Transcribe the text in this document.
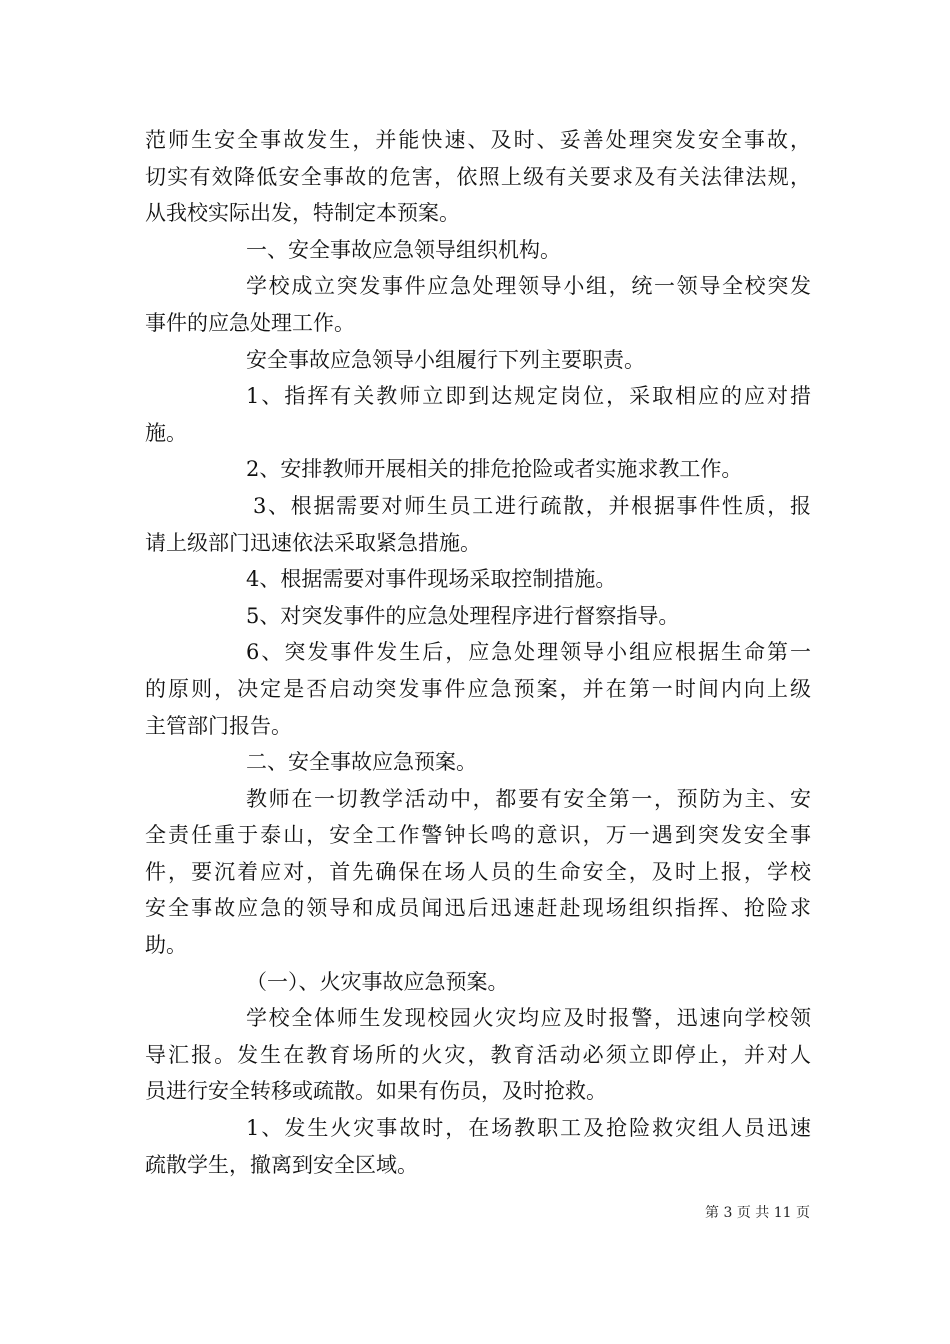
范师生安全事故发生，并能快速、及时、妥善处理突发安全事故，
切实有效降低安全事故的危害，依照上级有关要求及有关法律法规，
从我校实际出发，特制定本预案。
一、安全事故应急领导组织机构。
学校成立突发事件应急处理领导小组，统一领导全校突发
事件的应急处理工作。
安全事故应急领导小组履行下列主要职责。
1、指挥有关教师立即到达规定岗位，采取相应的应对措
施。
2、安排教师开展相关的排危抢险或者实施求教工作。
3、根据需要对师生员工进行疏散，并根据事件性质，报
请上级部门迅速依法采取紧急措施。
4、根据需要对事件现场采取控制措施。
5、对突发事件的应急处理程序进行督察指导。
6、突发事件发生后，应急处理领导小组应根据生命第一
的原则，决定是否启动突发事件应急预案，并在第一时间内向上级
主管部门报告。
二、安全事故应急预案。
教师在一切教学活动中，都要有安全第一，预防为主、安
全责任重于泰山，安全工作警钟长鸣的意识，万一遇到突发安全事
件，要沉着应对，首先确保在场人员的生命安全，及时上报，学校
安全事故应急的领导和成员闻迅后迅速赶赴现场组织指挥、抢险求
助。
（一）、火灾事故应急预案。
学校全体师生发现校园火灾均应及时报警，迅速向学校领
导汇报。发生在教育场所的火灾，教育活动必须立即停止，并对人
员进行安全转移或疏散。如果有伤员，及时抢救。
1、发生火灾事故时，在场教职工及抢险救灾组人员迅速
疏散学生，撤离到安全区域。
第 3 页 共 11 页
